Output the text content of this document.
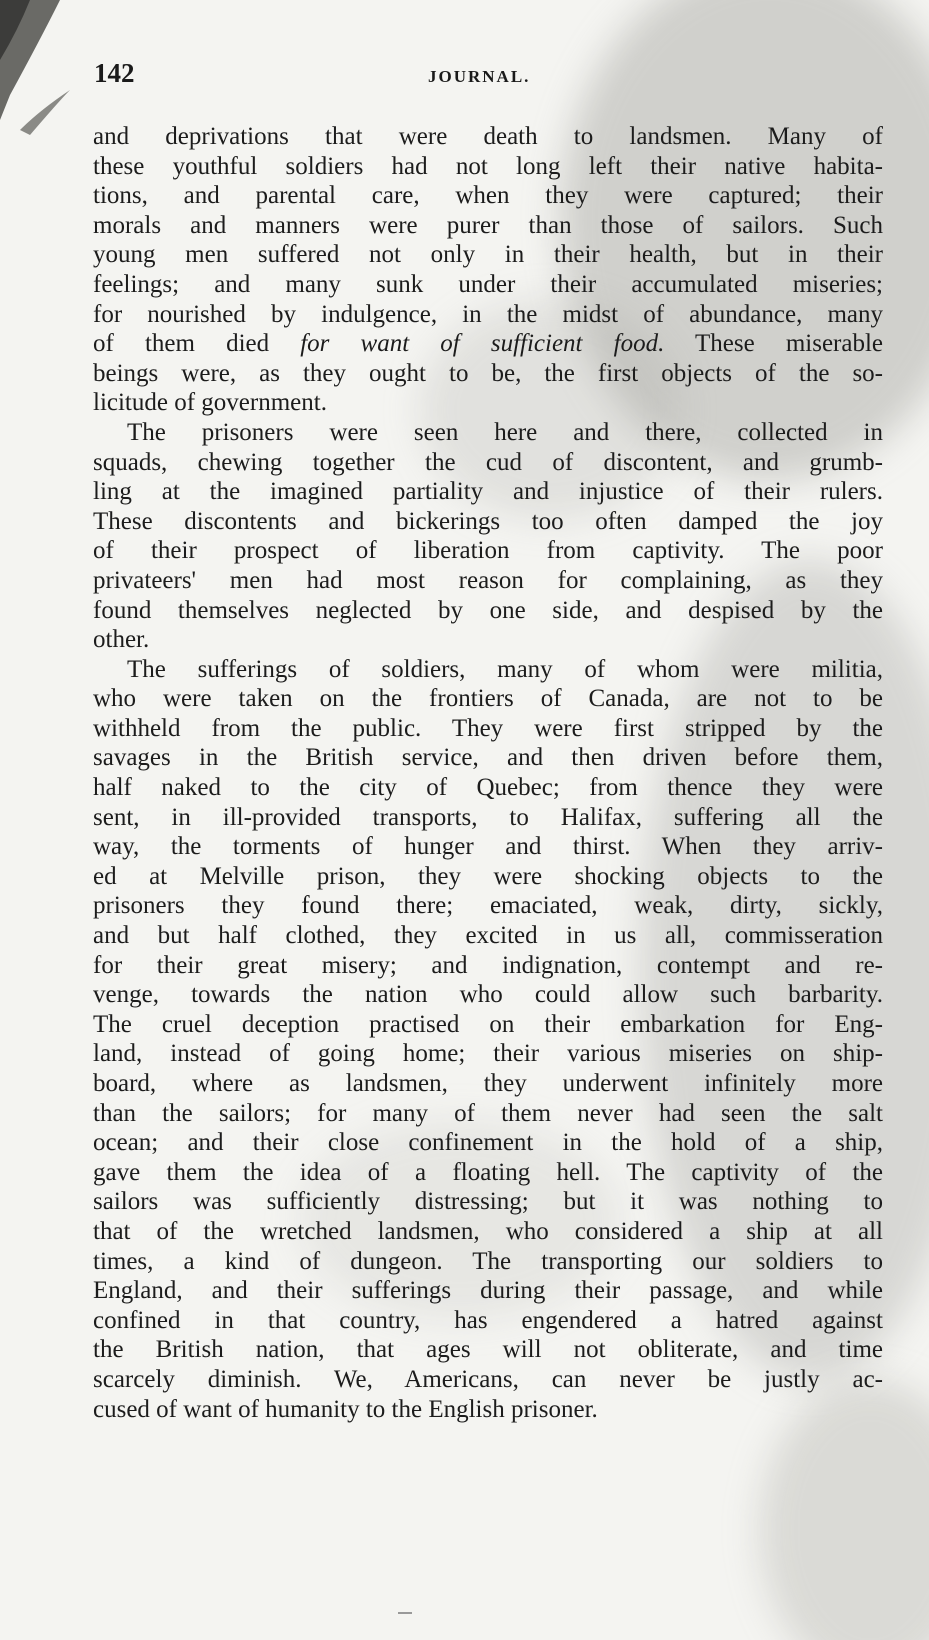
142	JOURNAL.
and deprivations that were death to landsmen. Many of
these youthful soldiers had not long left their native habita-
tions, and parental care, when they were captured; their
morals and manners were purer than those of sailors. Such
young men suffered not only in their health, but in their
feelings; and many sunk under their accumulated miseries;
for nourished by indulgence, in the midst of abundance, many
of them died for want of sufficient food. These miserable
beings were, as they ought to be, the first objects of the so-
licitude of government.
The prisoners were seen here and there, collected in
squads, chewing together the cud of discontent, and grumb-
ling at the imagined partiality and injustice of their rulers.
These discontents and bickerings too often damped the joy
of their prospect of liberation from captivity. The poor
privateers' men had most reason for complaining, as they
found themselves neglected by one side, and despised by the
other.
The sufferings of soldiers, many of whom were militia,
who were taken on the frontiers of Canada, are not to be
withheld from the public. They were first stripped by the
savages in the British service, and then driven before them,
half naked to the city of Quebec; from thence they were
sent, in ill-provided transports, to Halifax, suffering all the
way, the torments of hunger and thirst. When they arriv-
ed at Melville prison, they were shocking objects to the
prisoners they found there; emaciated, weak, dirty, sickly,
and but half clothed, they excited in us all, commisseration
for their great misery; and indignation, contempt and re-
venge, towards the nation who could allow such barbarity.
The cruel deception practised on their embarkation for Eng-
land, instead of going home; their various miseries on ship-
board, where as landsmen, they underwent infinitely more
than the sailors; for many of them never had seen the salt
ocean; and their close confinement in the hold of a ship,
gave them the idea of a floating hell. The captivity of the
sailors was sufficiently distressing; but it was nothing to
that of the wretched landsmen, who considered a ship at all
times, a kind of dungeon. The transporting our soldiers to
England, and their sufferings during their passage, and while
confined in that country, has engendered a hatred against
the British nation, that ages will not obliterate, and time
scarcely diminish. We, Americans, can never be justly ac-
cused of want of humanity to the English prisoner.
